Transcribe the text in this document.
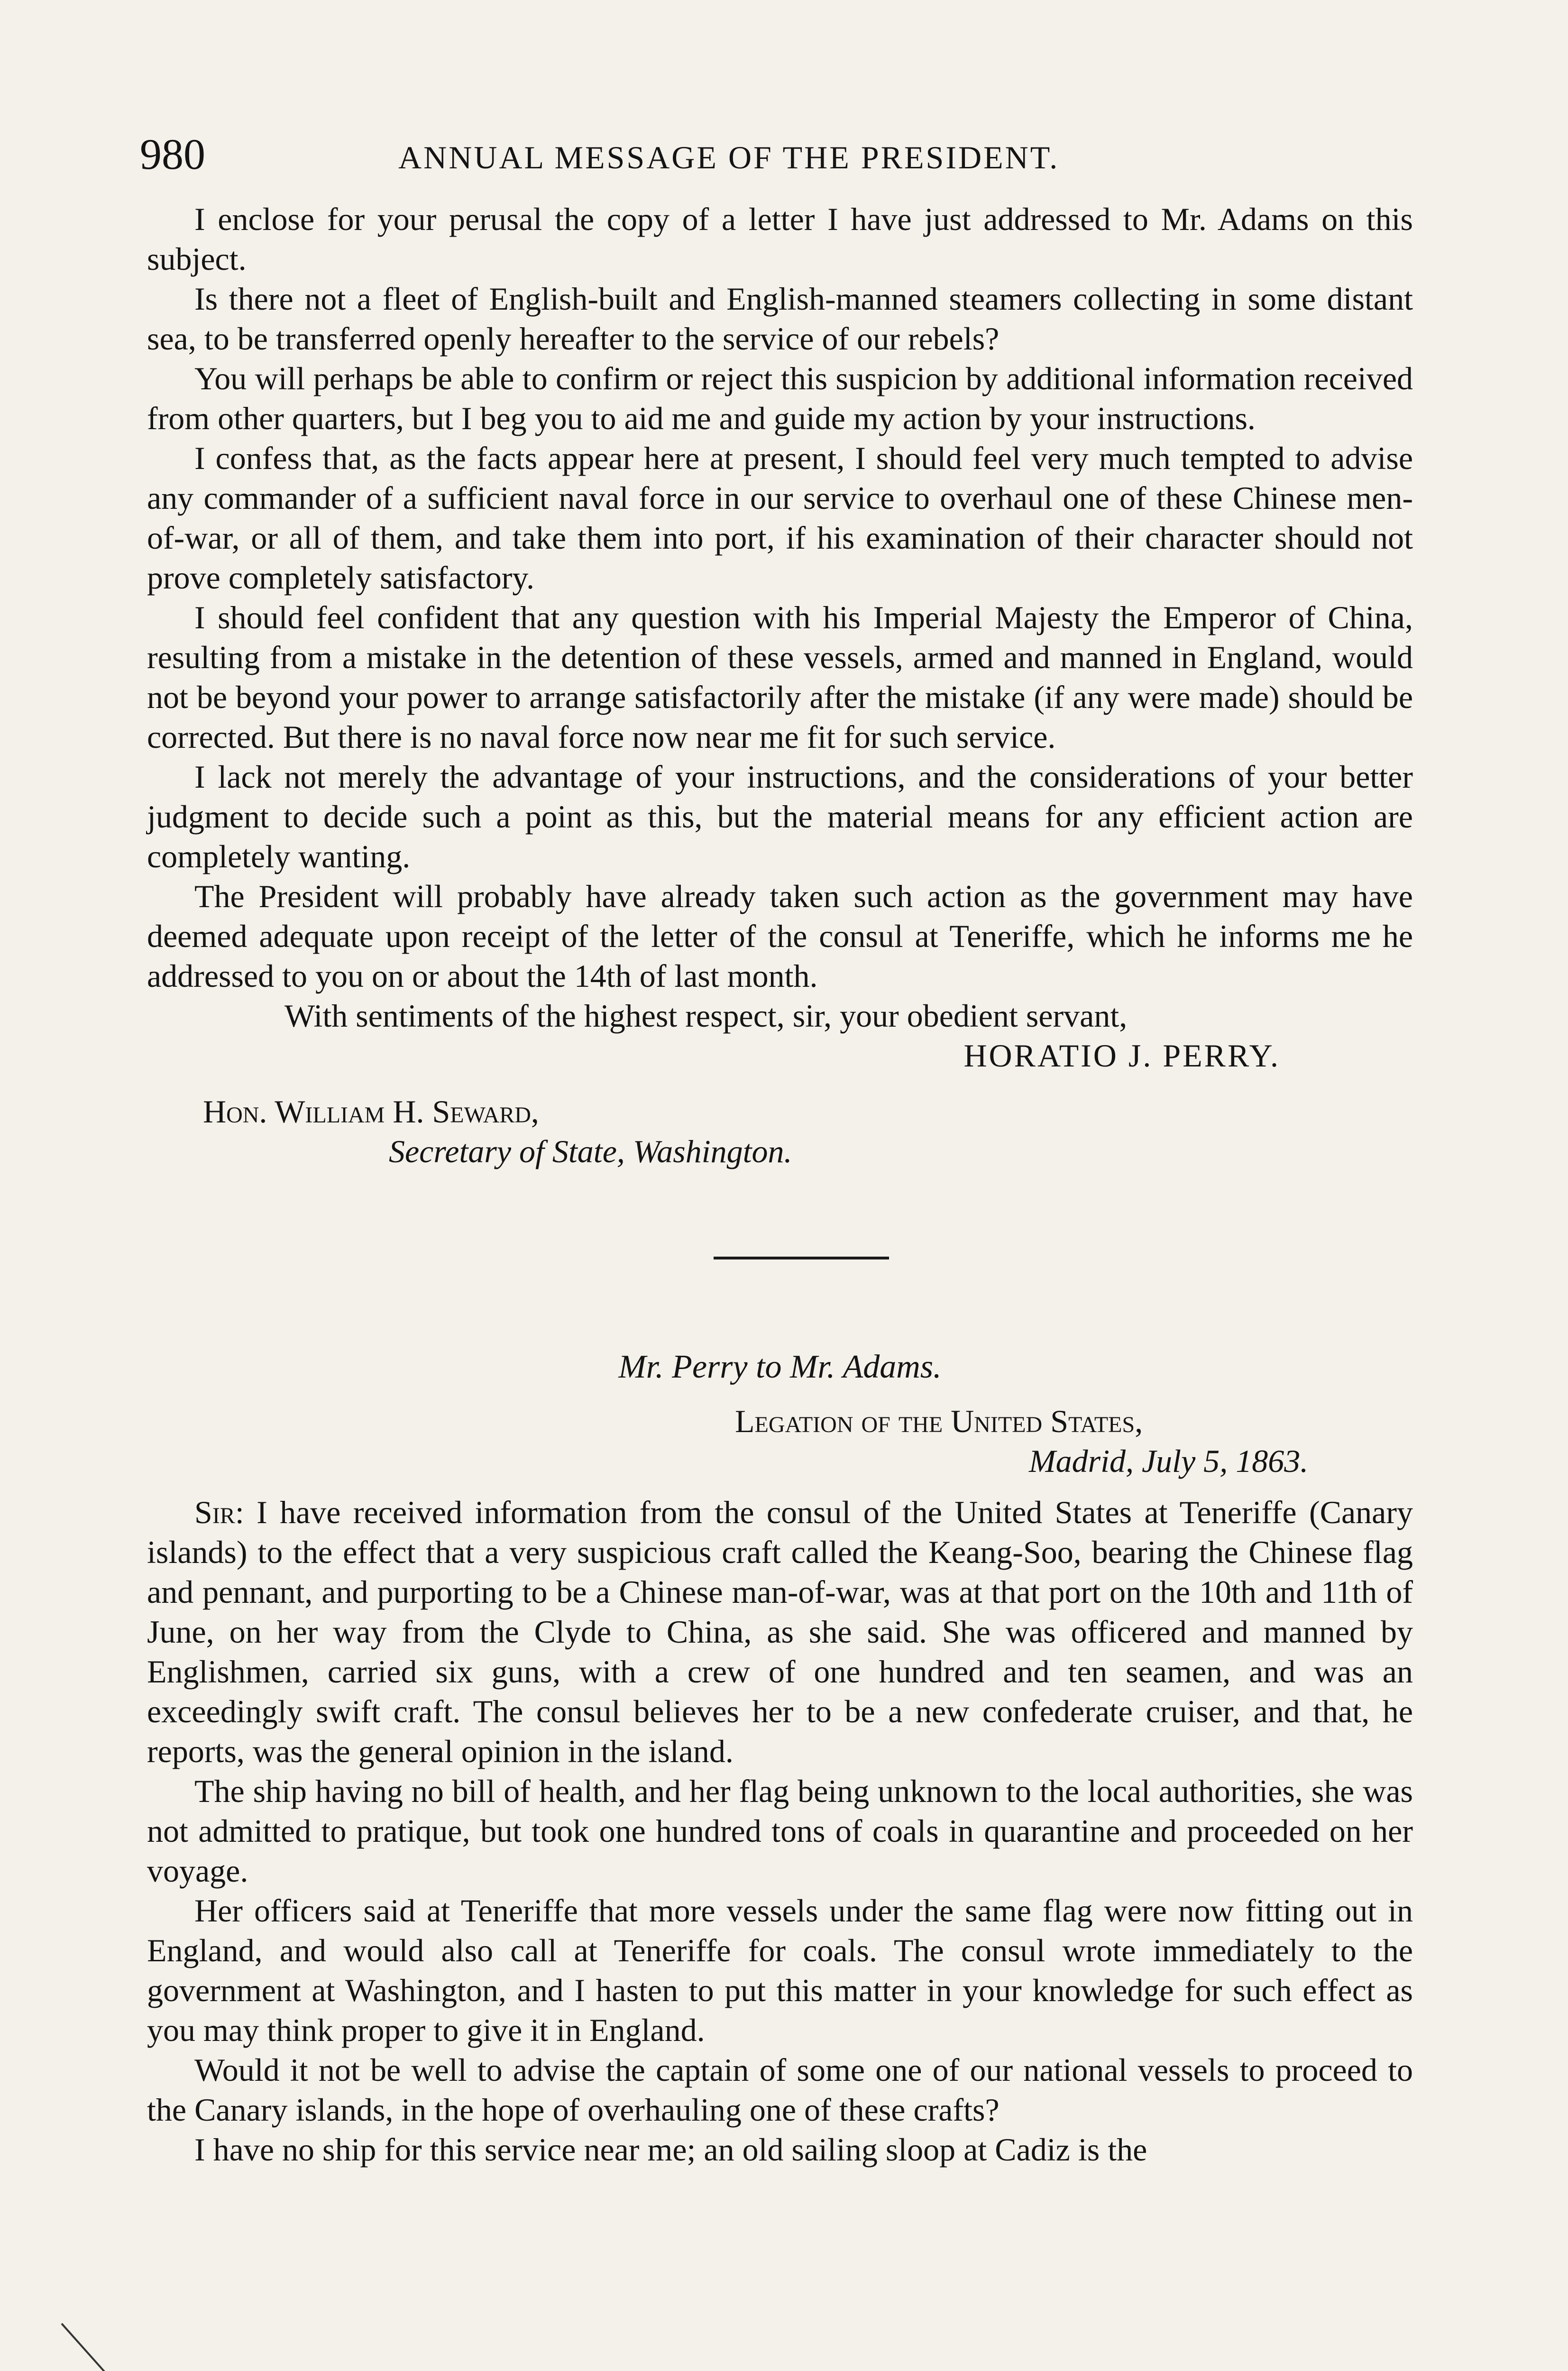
980	ANNUAL MESSAGE OF THE PRESIDENT.

I enclose for your perusal the copy of a letter I have just addressed to Mr. Adams on this subject.

Is there not a fleet of English-built and English-manned steamers collecting in some distant sea, to be transferred openly hereafter to the service of our rebels?

You will perhaps be able to confirm or reject this suspicion by additional information received from other quarters, but I beg you to aid me and guide my action by your instructions.

I confess that, as the facts appear here at present, I should feel very much tempted to advise any commander of a sufficient naval force in our service to overhaul one of these Chinese men-of-war, or all of them, and take them into port, if his examination of their character should not prove completely satisfactory.

I should feel confident that any question with his Imperial Majesty the Emperor of China, resulting from a mistake in the detention of these vessels, armed and manned in England, would not be beyond your power to arrange satisfactorily after the mistake (if any were made) should be corrected. But there is no naval force now near me fit for such service.

I lack not merely the advantage of your instructions, and the considerations of your better judgment to decide such a point as this, but the material means for any efficient action are completely wanting.

The President will probably have already taken such action as the government may have deemed adequate upon receipt of the letter of the consul at Teneriffe, which he informs me he addressed to you on or about the 14th of last month.

With sentiments of the highest respect, sir, your obedient servant,

HORATIO J. PERRY.

Hon. William H. Seward,

Secretary of State, Washington.

Mr. Perry to Mr. Adams.

Legation of the United States,

Madrid, July 5, 1863.

Sir: I have received information from the consul of the United States at Teneriffe (Canary islands) to the effect that a very suspicious craft called the Keang-Soo, bearing the Chinese flag and pennant, and purporting to be a Chinese man-of-war, was at that port on the 10th and 11th of June, on her way from the Clyde to China, as she said. She was officered and manned by Englishmen, carried six guns, with a crew of one hundred and ten seamen, and was an exceedingly swift craft. The consul believes her to be a new confederate cruiser, and that, he reports, was the general opinion in the island.

The ship having no bill of health, and her flag being unknown to the local authorities, she was not admitted to pratique, but took one hundred tons of coals in quarantine and proceeded on her voyage.

Her officers said at Teneriffe that more vessels under the same flag were now fitting out in England, and would also call at Teneriffe for coals. The consul wrote immediately to the government at Washington, and I hasten to put this matter in your knowledge for such effect as you may think proper to give it in England.

Would it not be well to advise the captain of some one of our national vessels to proceed to the Canary islands, in the hope of overhauling one of these crafts?

I have no ship for this service near me; an old sailing sloop at Cadiz is the
